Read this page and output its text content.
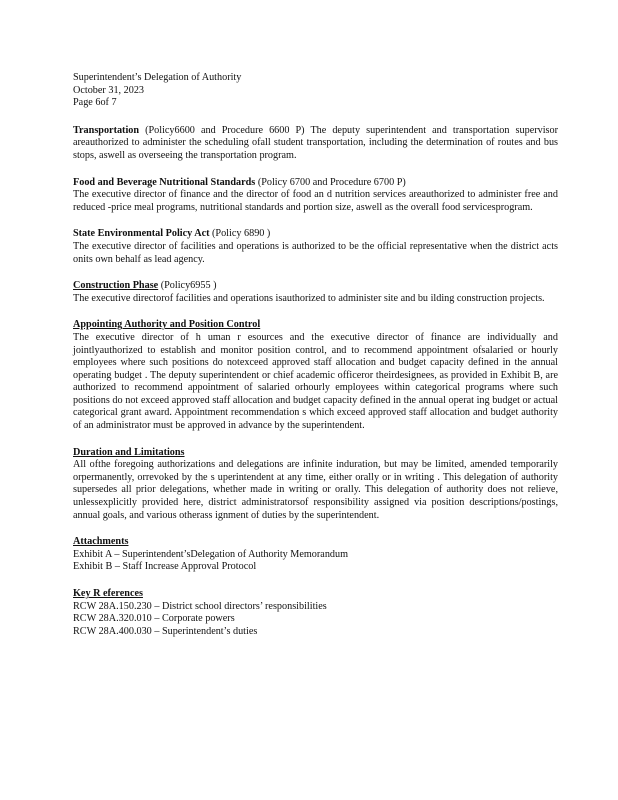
Superintendent’s Delegation of Authority
October 31, 2023
Page 6of 7
Transportation (Policy6600 and Procedure 6600 P) The deputy superintendent and transportation supervisor areauthorized to administer the scheduling ofall student transportation, including the determination of routes and bus stops, aswell as overseeing the transportation program.
Food and Beverage Nutritional Standards (Policy 6700 and Procedure 6700 P)
The executive director of finance and the director of food an d nutrition services areauthorized to administer free and reduced -price meal programs, nutritional standards and portion size, aswell as the overall food servicesprogram.
State Environmental Policy Act (Policy 6890 )
The executive director of facilities and operations is authorized to be the official representative when the district acts onits own behalf as lead agency.
Construction Phase (Policy6955 )
The executive directorof facilities and operations isauthorized to administer site and bu ilding construction projects.
Appointing Authority and Position Control
The executive director of h uman r esources and the executive director of finance are individually and jointlyauthorized to establish and monitor position control, and to recommend appointment ofsalaried or hourly employees where such positions do notexceed approved staff allocation and budget capacity defined in the annual operating budget . The deputy superintendent or chief academic officeror theirdesignees, as provided in Exhibit B, are authorized to recommend appointment of salaried orhourly employees within categorical programs where such positions do not exceed approved staff allocation and budget capacity defined in the annual operat ing budget or actual categorical grant award. Appointment recommendation s which exceed approved staff allocation and budget authority of an administrator must be approved in advance by the superintendent.
Duration and Limitations
All ofthe foregoing authorizations and delegations are infinite induration, but may be limited, amended temporarily orpermanently, orrevoked by the s uperintendent at any time, either orally or in writing . This delegation of authority supersedes all prior delegations, whether made in writing or orally. This delegation of authority does not relieve, unlessexplicitly provided here, district administratorsof responsibility assigned via position descriptions/postings, annual goals, and various otherass ignment of duties by the superintendent.
Attachments
Exhibit A – Superintendent’sDelegation of Authority Memorandum
Exhibit B – Staff Increase Approval Protocol
Key R eferences
RCW 28A.150.230 – District school directors’ responsibilities
RCW 28A.320.010 – Corporate powers
RCW 28A.400.030 – Superintendent’s duties
